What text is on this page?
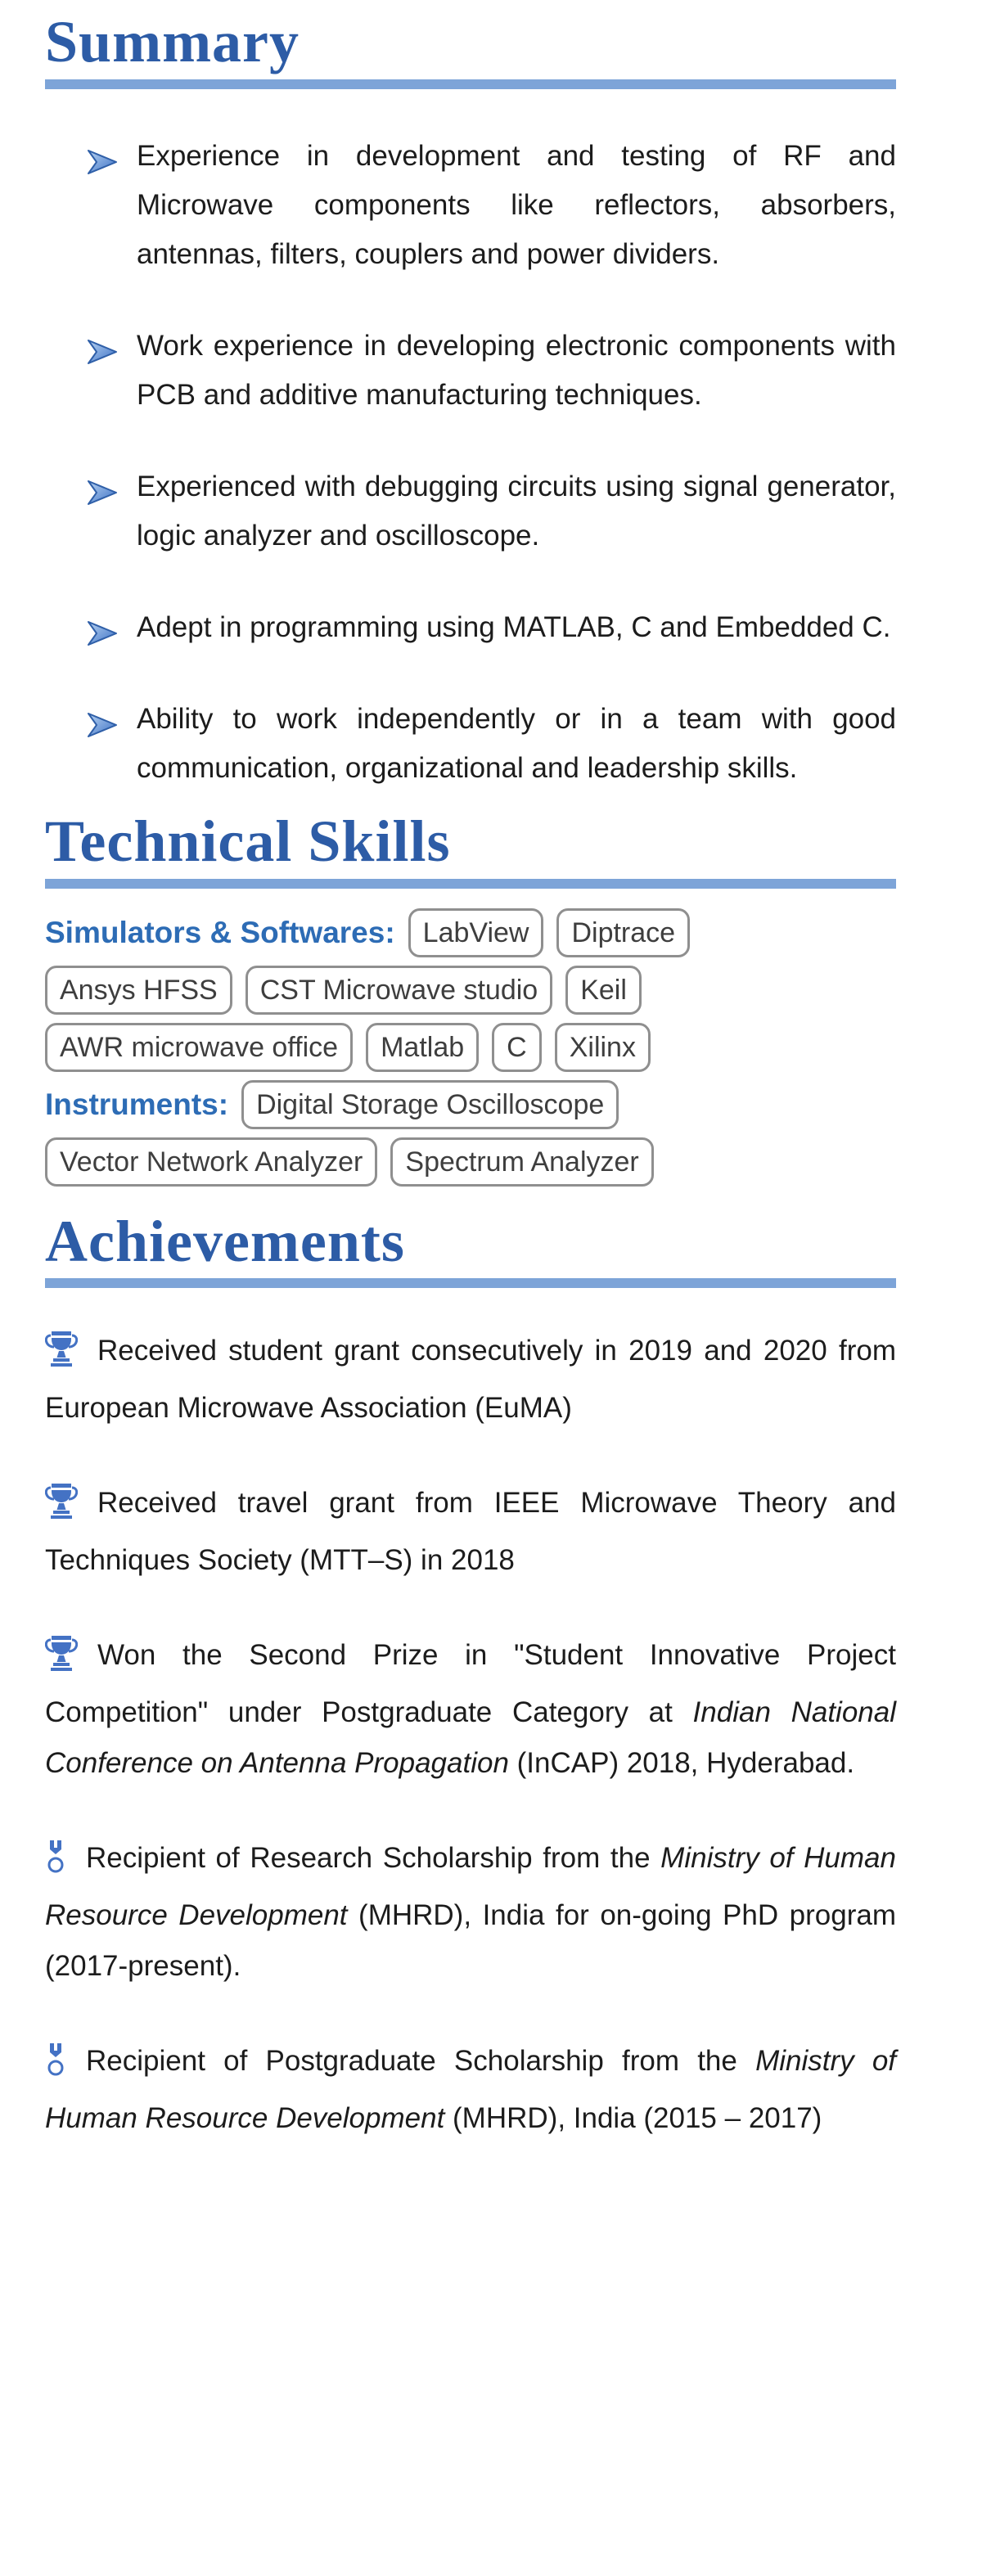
Summary
Experience in development and testing of RF and Microwave components like reflectors, absorbers, antennas, filters, couplers and power dividers.
Work experience in developing electronic components with PCB and additive manufacturing techniques.
Experienced with debugging circuits using signal generator, logic analyzer and oscilloscope.
Adept in programming using MATLAB, C and Embedded C.
Ability to work independently or in a team with good communication, organizational and leadership skills.
Technical Skills
Simulators & Softwares:	LabView	Diptrace
Ansys HFSS	CST Microwave studio	Keil
AWR microwave office	Matlab	C	Xilinx
Instruments:	Digital Storage Oscilloscope
Vector Network Analyzer	Spectrum Analyzer
Achievements

Received student grant consecutively in 2019 and 2020 from European Microwave Association (EuMA)

Received travel grant from IEEE Microwave Theory and Techniques Society (MTT–S) in 2018

Won the Second Prize in "Student Innovative Project Competition" under Postgraduate Category at Indian National Conference on Antenna Propagation (InCAP) 2018, Hyderabad.

Recipient of Research Scholarship from the Ministry of Human Resource Development (MHRD), India for on-going PhD program (2017-present).

Recipient of Postgraduate Scholarship from the Ministry of Human Resource Development (MHRD), India (2015 – 2017)
